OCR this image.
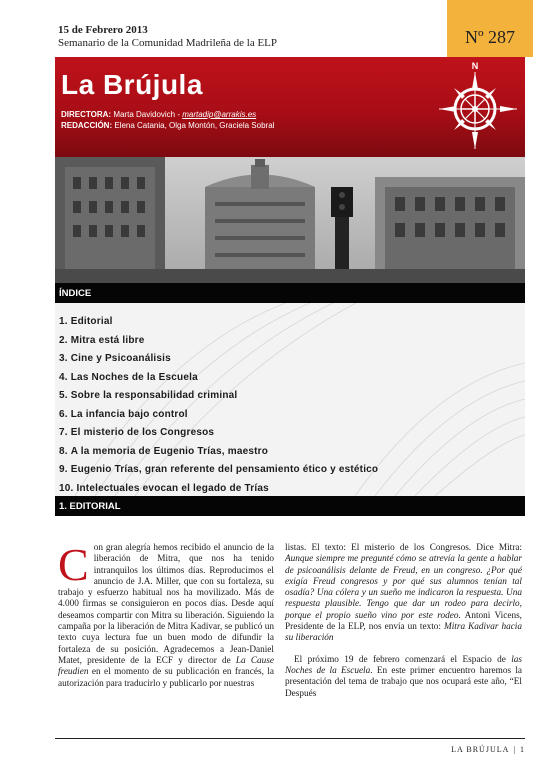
15 de Febrero 2013
Semanario de la Comunidad Madrileña de la ELP	Nº 287
La Brújula
DIRECTORA: Marta Davidovich - martadip@arrakis.es
REDACCIÓN: Elena Catania, Olga Montón, Graciela Sobral
N
ÍNDICE
1. Editorial
2. Mitra está libre
3. Cine y Psicoanálisis
4. Las Noches de la Escuela
5. Sobre la responsabilidad criminal
6. La infancia bajo control
7. El misterio de los Congresos
8. A la memoria de Eugenio Trías, maestro
9. Eugenio Trías, gran referente del pensamiento ético y estético
10. Intelectuales evocan el legado de Trías
1. EDITORIAL

Con gran alegría hemos recibido el anuncio de la liberación de Mitra, que nos ha tenido intranquilos los últimos días. Reproducimos el anuncio de J.A. Miller, que con su fortaleza, su trabajo y esfuerzo habitual nos ha movilizado. Más de 4.000 firmas se consiguieron en pocos días. Desde aquí deseamos compartir con Mitra su liberación. Siguiendo la campaña por la liberación de Mitra Kadivar, se publicó un texto cuya lectura fue un buen modo de difundir la fortaleza de su posición. Agradecemos a Jean-Daniel Matet, presidente de la ECF y director de La Cause freudien en el momento de su publicación en francés, la autorización para traducirlo y publicarlo por nuestras

listas. El texto: El misterio de los Congresos. Dice Mitra: Aunque siempre me pregunté cómo se atrevía la gente a hablar de psicoanálisis delante de Freud, en un congreso. ¿Por qué exigía Freud congresos y por qué sus alumnos tenían tal osadía? Una cólera y un sueño me indicaron la respuesta. Una respuesta plausible. Tengo que dar un rodeo para decirlo, porque el propio sueño vino por este rodeo. Antoni Vicens, Presidente de la ELP, nos envía un texto: Mitra Kadivar hacia su liberación

El próximo 19 de febrero comenzará el Espacio de las Noches de la Escuela. En este primer encuentro haremos la presentación del tema de trabajo que nos ocupará este año, “El Después

LA BRÚJULA | 1
